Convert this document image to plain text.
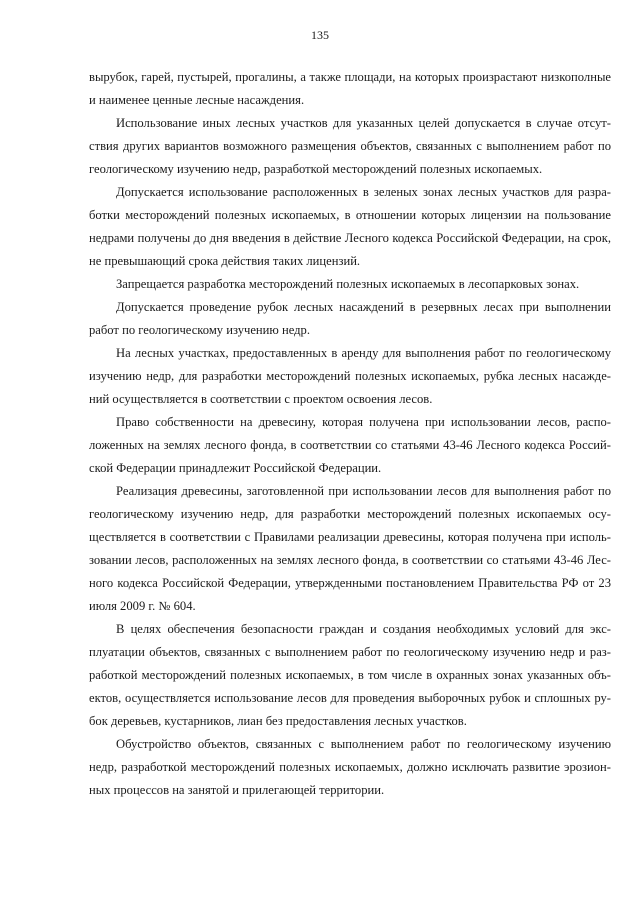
135

вырубок, гарей, пустырей, прогалины, а также площади, на которых произрастают низкополные и наименее ценные лесные насаждения.

Использование иных лесных участков для указанных целей допускается в случае отсутствия других вариантов возможного размещения объектов, связанных с выполнением работ по геологическому изучению недр, разработкой месторождений полезных ископаемых.

Допускается использование расположенных в зеленых зонах лесных участков для разработки месторождений полезных ископаемых, в отношении которых лицензии на пользование недрами получены до дня введения в действие Лесного кодекса Российской Федерации, на срок, не превышающий срока действия таких лицензий.

Запрещается разработка месторождений полезных ископаемых в лесопарковых зонах.

Допускается проведение рубок лесных насаждений в резервных лесах при выполнении работ по геологическому изучению недр.

На лесных участках, предоставленных в аренду для выполнения работ по геологическому изучению недр, для разработки месторождений полезных ископаемых, рубка лесных насаждений осуществляется в соответствии с проектом освоения лесов.

Право собственности на древесину, которая получена при использовании лесов, расположенных на землях лесного фонда, в соответствии со статьями 43-46 Лесного кодекса Российской Федерации принадлежит Российской Федерации.

Реализация древесины, заготовленной при использовании лесов для выполнения работ по геологическому изучению недр, для разработки месторождений полезных ископаемых осуществляется в соответствии с Правилами реализации древесины, которая получена при использовании лесов, расположенных на землях лесного фонда, в соответствии со статьями 43-46 Лесного кодекса Российской Федерации, утвержденными постановлением Правительства РФ от 23 июля 2009 г. № 604.

В целях обеспечения безопасности граждан и создания необходимых условий для эксплуатации объектов, связанных с выполнением работ по геологическому изучению недр и разработкой месторождений полезных ископаемых, в том числе в охранных зонах указанных объектов, осуществляется использование лесов для проведения выборочных рубок и сплошных рубок деревьев, кустарников, лиан без предоставления лесных участков.

Обустройство объектов, связанных с выполнением работ по геологическому изучению недр, разработкой месторождений полезных ископаемых, должно исключать развитие эрозионных процессов на занятой и прилегающей территории.
